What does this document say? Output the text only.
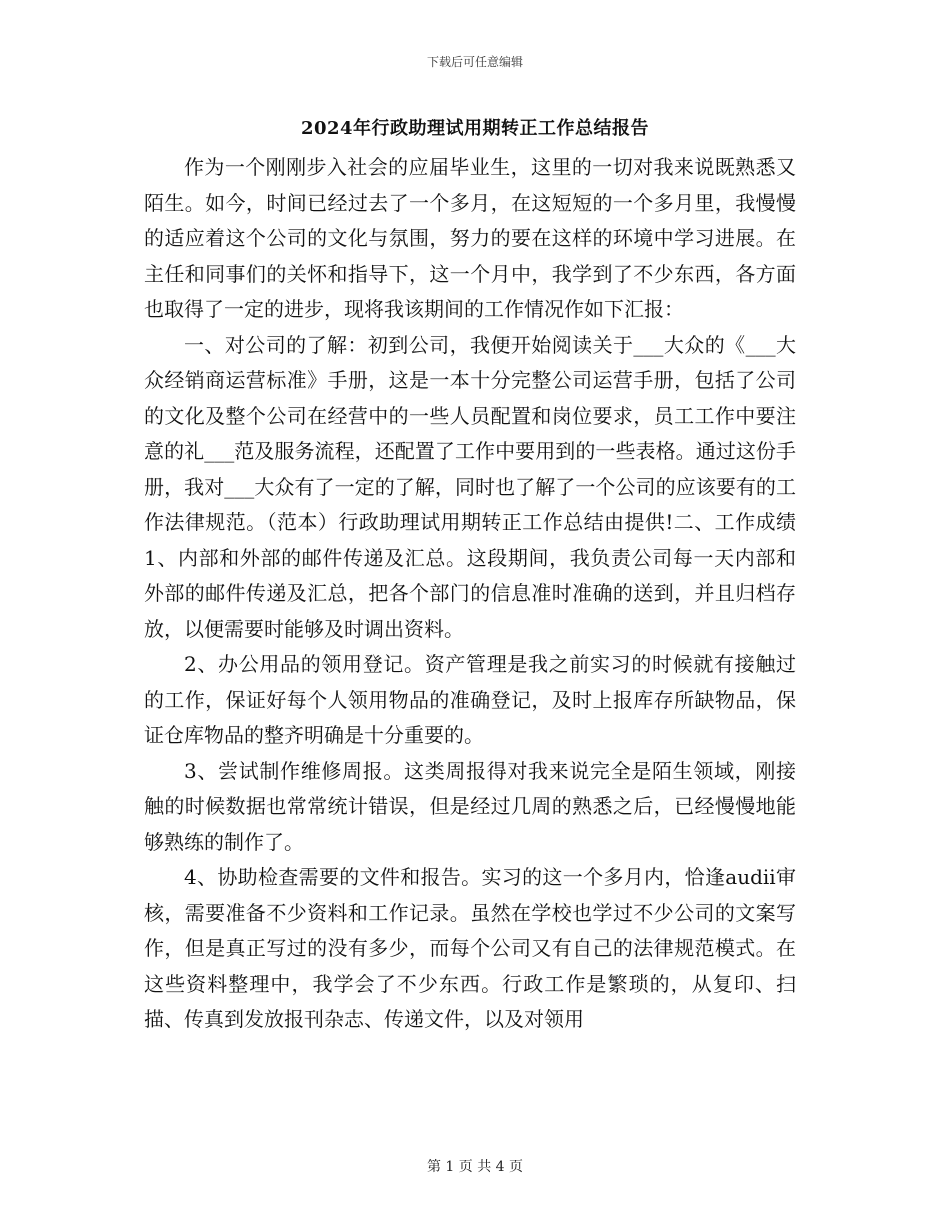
下载后可任意编辑
2024年行政助理试用期转正工作总结报告

作为一个刚刚步入社会的应届毕业生，这里的一切对我来说既熟悉又陌生。如今，时间已经过去了一个多月，在这短短的一个多月里，我慢慢的适应着这个公司的文化与氛围，努力的要在这样的环境中学习进展。在主任和同事们的关怀和指导下，这一个月中，我学到了不少东西，各方面也取得了一定的进步，现将我该期间的工作情况作如下汇报：

一、对公司的了解：初到公司，我便开始阅读关于___大众的《___大众经销商运营标准》手册，这是一本十分完整公司运营手册，包括了公司的文化及整个公司在经营中的一些人员配置和岗位要求，员工工作中要注意的礼___范及服务流程，还配置了工作中要用到的一些表格。通过这份手册，我对___大众有了一定的了解，同时也了解了一个公司的应该要有的工作法律规范。（范本）行政助理试用期转正工作总结由提供!二、工作成绩1、内部和外部的邮件传递及汇总。这段期间，我负责公司每一天内部和外部的邮件传递及汇总，把各个部门的信息准时准确的送到，并且归档存放，以便需要时能够及时调出资料。

2、办公用品的领用登记。资产管理是我之前实习的时候就有接触过的工作，保证好每个人领用物品的准确登记，及时上报库存所缺物品，保证仓库物品的整齐明确是十分重要的。

3、尝试制作维修周报。这类周报得对我来说完全是陌生领域，刚接触的时候数据也常常统计错误，但是经过几周的熟悉之后，已经慢慢地能够熟练的制作了。

4、协助检查需要的文件和报告。实习的这一个多月内，恰逢audii审核，需要准备不少资料和工作记录。虽然在学校也学过不少公司的文案写作，但是真正写过的没有多少，而每个公司又有自己的法律规范模式。在这些资料整理中，我学会了不少东西。行政工作是繁琐的，从复印、扫描、传真到发放报刊杂志、传递文件，以及对领用

第 1 页 共 4 页
